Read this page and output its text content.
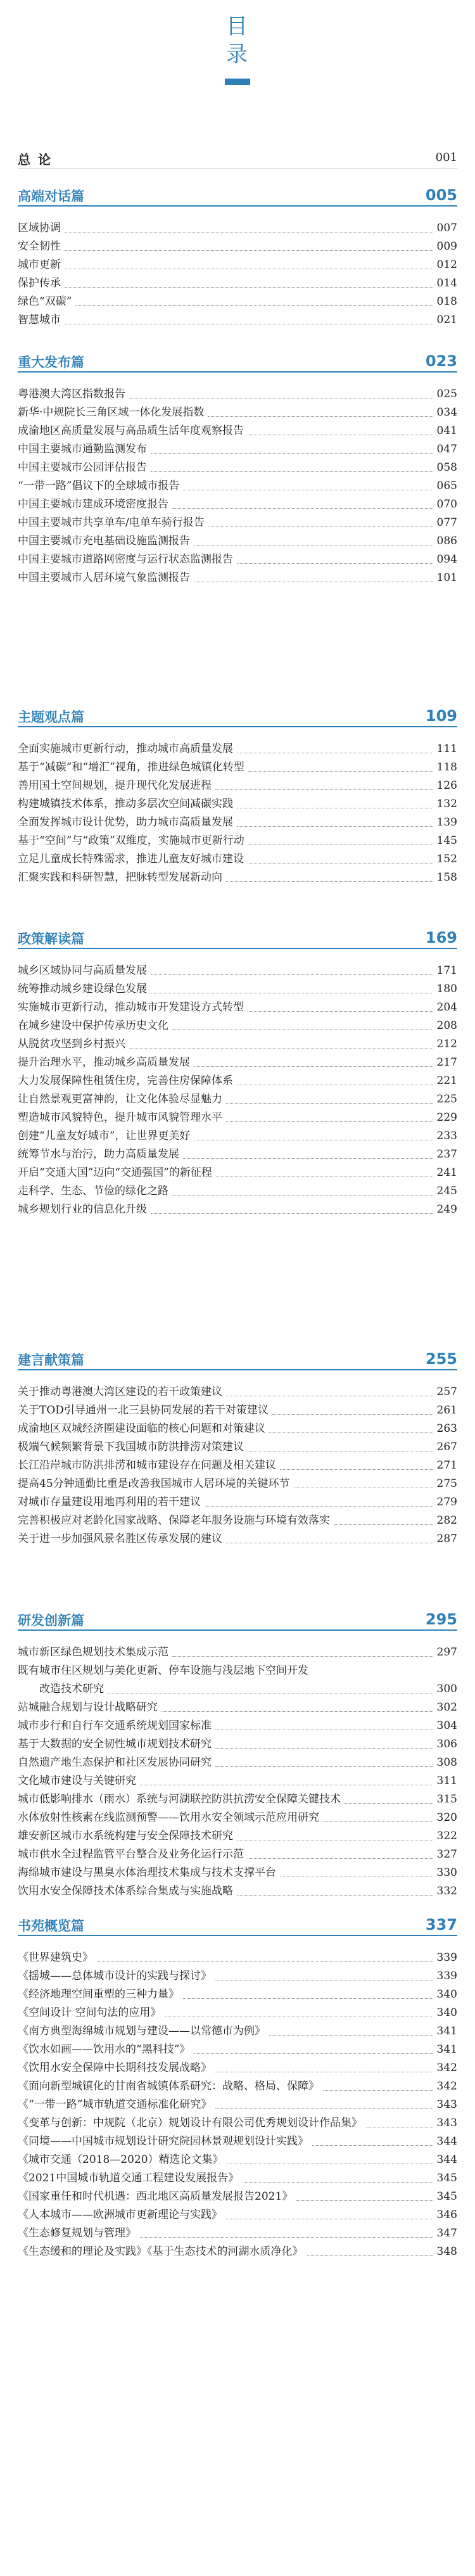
目
录
总论	001
高端对话篇	005
区域协调	007
安全韧性	009
城市更新	012
保护传承	014
绿色“双碳”	018
智慧城市	021
重大发布篇	023
粤港澳大湾区指数报告	025
新华·中规院长三角区域一体化发展指数	034
成渝地区高质量发展与高品质生活年度观察报告	041
中国主要城市通勤监测发布	047
中国主要城市公园评估报告	058
“一带一路”倡议下的全球城市报告	065
中国主要城市建成环境密度报告	070
中国主要城市共享单车/电单车骑行报告	077
中国主要城市充电基础设施监测报告	086
中国主要城市道路网密度与运行状态监测报告	094
中国主要城市人居环境气象监测报告	101
主题观点篇	109
全面实施城市更新行动，推动城市高质量发展	111
基于“减碳”和“增汇”视角，推进绿色城镇化转型	118
善用国土空间规划，提升现代化发展进程	126
构建城镇技术体系，推动多层次空间减碳实践	132
全面发挥城市设计优势，助力城市高质量发展	139
基于“空间”与“政策”双维度，实施城市更新行动	145
立足儿童成长特殊需求，推进儿童友好城市建设	152
汇聚实践和科研智慧，把脉转型发展新动向	158
政策解读篇	169
城乡区域协同与高质量发展	171
统筹推动城乡建设绿色发展	180
实施城市更新行动，推动城市开发建设方式转型	204
在城乡建设中保护传承历史文化	208
从脱贫攻坚到乡村振兴	212
提升治理水平，推动城乡高质量发展	217
大力发展保障性租赁住房，完善住房保障体系	221
让自然景观更富神韵，让文化体验尽显魅力	225
塑造城市风貌特色，提升城市风貌管理水平	229
创建“儿童友好城市”，让世界更美好	233
统筹节水与治污，助力高质量发展	237
开启“交通大国”迈向“交通强国”的新征程	241
走科学、生态、节俭的绿化之路	245
城乡规划行业的信息化升级	249
建言献策篇	255
关于推动粤港澳大湾区建设的若干政策建议	257
关于TOD引导通州一北三县协同发展的若干对策建议	261
成渝地区双城经济圈建设面临的核心问题和对策建议	263
极端气候频繁背景下我国城市防洪排涝对策建议	267
长江沿岸城市防洪排涝和城市建设存在问题及相关建议	271
提高45分钟通勤比重是改善我国城市人居环境的关键环节	275
对城市存量建设用地再利用的若干建议	279
完善积极应对老龄化国家战略、保障老年服务设施与环境有效落实	282
关于进一步加强风景名胜区传承发展的建议	287
研发创新篇	295
城市新区绿色规划技术集成示范	297
既有城市住区规划与美化更新、停车设施与浅层地下空间开发
改造技术研究	300
站城融合规划与设计战略研究	302
城市步行和自行车交通系统规划国家标准	304
基于大数据的安全韧性城市规划技术研究	306
自然遗产地生态保护和社区发展协同研究	308
文化城市建设与关键研究	311
城市低影响排水（雨水）系统与河湖联控防洪抗涝安全保障关键技术	315
水体放射性核素在线监测预警——饮用水安全领域示范应用研究	320
雄安新区城市水系统构建与安全保障技术研究	322
城市供水全过程监管平台整合及业务化运行示范	327
海绵城市建设与黑臭水体治理技术集成与技术支撑平台	330
饮用水安全保障技术体系综合集成与实施战略	332
书苑概览篇	337
《世界建筑史》	339
《揺城——总体城市设计的实践与探讨》	339
《经济地理空间重塑的三种力量》	340
《空间设计 空间句法的应用》	340
《南方典型海绵城市规划与建设——以常德市为例》	341
《饮水如画——饮用水的“黑科技”》	341
《饮用水安全保障中长期科技发展战略》	342
《面向新型城镇化的甘南省城镇体系研究：战略、格局、保障》	342
《“一带一路”城市轨道交通标准化研究》	343
《变革与创新：中规院（北京）规划设计有限公司优秀规划设计作品集》	343
《同境——中国城市规划设计研究院园林景观规划设计实践》	344
《城市交通（2018—2020）精选论文集》	344
《2021中国城市轨道交通工程建设发展报告》	345
《国家重任和时代机遇：西北地区高质量发展报告2021》	345
《人本城市——欧洲城市更新理论与实践》	346
《生态修复规划与管理》	347
《生态缓和的理论及实践》《基于生态技术的河湖水质净化》	348
